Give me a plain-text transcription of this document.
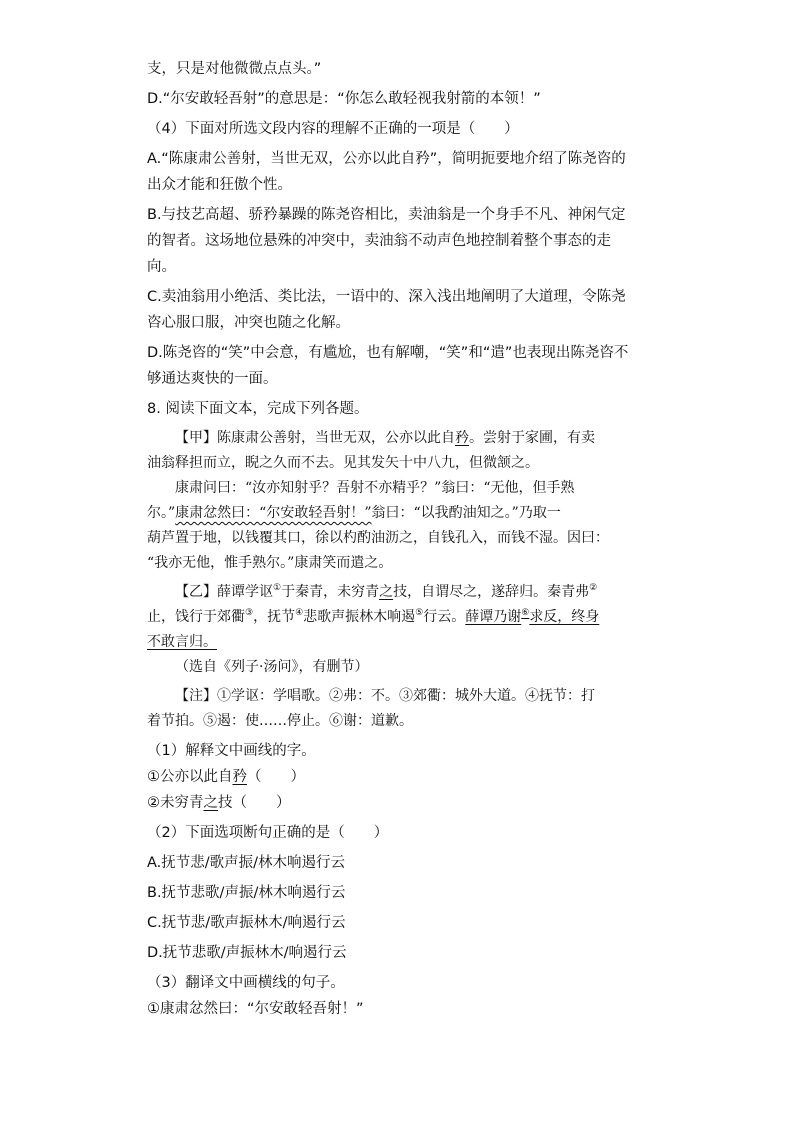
支，只是对他微微点点头。”

D.“尔安敢轻吾射”的意思是：“你怎么敢轻视我射箭的本领！”

（4）下面对所选文段内容的理解不正确的一项是（　　）

A.“陈康肃公善射，当世无双，公亦以此自矜”，简明扼要地介绍了陈尧咨的

出众才能和狂傲个性。

B.与技艺高超、骄矜暴躁的陈尧咨相比，卖油翁是一个身手不凡、神闲气定

的智者。这场地位悬殊的冲突中，卖油翁不动声色地控制着整个事态的走

向。

C.卖油翁用小绝活、类比法，一语中的、深入浅出地阐明了大道理，令陈尧

咨心服口服，冲突也随之化解。

D.陈尧咨的“笑”中会意，有尴尬，也有解嘲，“笑”和“遣”也表现出陈尧咨不

够通达爽快的一面。

8. 阅读下面文本，完成下列各题。

【甲】陈康肃公善射，当世无双，公亦以此自矜。尝射于家圃，有卖

油翁释担而立，睨之久而不去。见其发矢十中八九，但微颔之。

康肃问曰：“汝亦知射乎？吾射不亦精乎？”翁曰：“无他，但手熟

尔。”康肃忿然曰：“尔安敢轻吾射！”翁曰：“以我酌油知之。”乃取一

葫芦置于地，以钱覆其口，徐以杓酌油沥之，自钱孔入，而钱不湿。因曰：

“我亦无他，惟手熟尔。”康肃笑而遣之。

【乙】薛谭学讴①于秦青，未穷青之技，自谓尽之，遂辞归。秦青弗②

止，饯行于郊衢③，抚节④悲歌声振林木响遏⑤行云。薛谭乃谢⑥求反，终身

不敢言归。

（选自《列子·汤问》，有删节）

【注】①学讴：学唱歌。②弗：不。③郊衢：城外大道。④抚节：打

着节拍。⑤遏：使……停止。⑥谢：道歉。

（1）解释文中画线的字。

①公亦以此自矜（　　）

②未穷青之技（　　）

（2）下面选项断句正确的是（　　）

A.抚节悲/歌声振/林木响遏行云

B.抚节悲歌/声振/林木响遏行云

C.抚节悲/歌声振林木/响遏行云

D.抚节悲歌/声振林木/响遏行云

（3）翻译文中画横线的句子。

①康肃忿然曰：“尔安敢轻吾射！”
